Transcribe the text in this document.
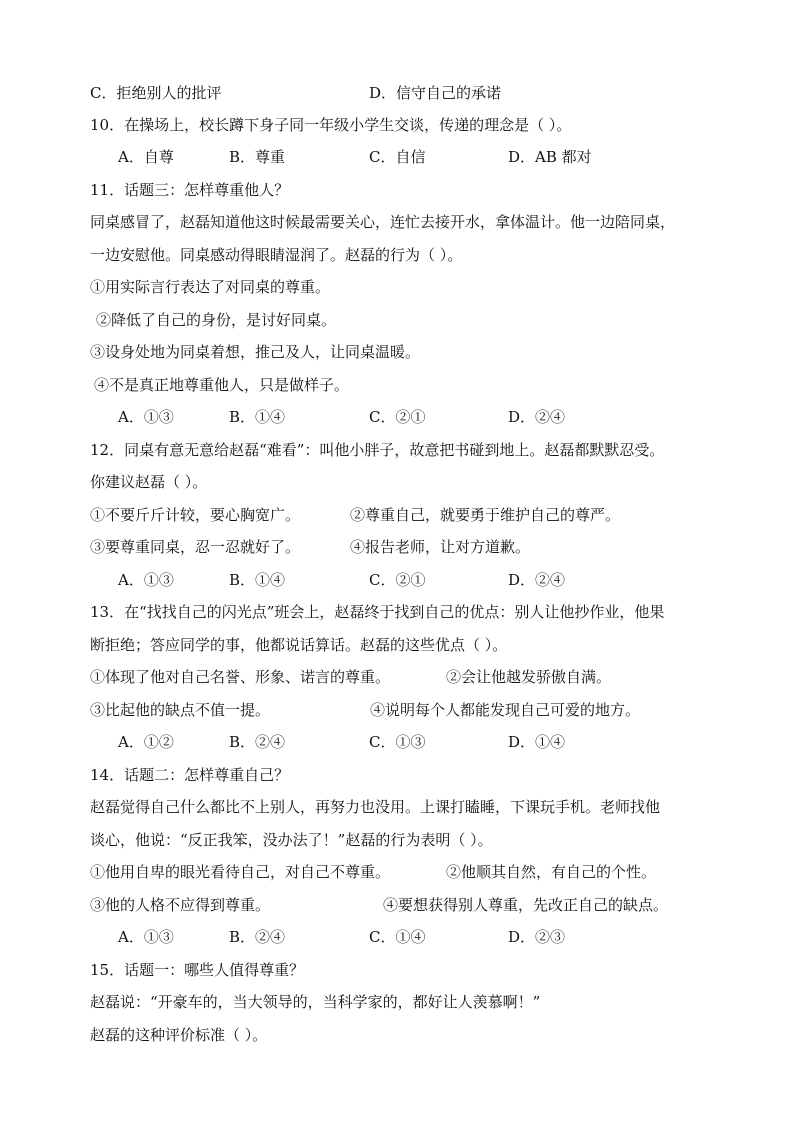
C．拒绝别人的批评	D．信守自己的承诺
10．在操场上，校长蹲下身子同一年级小学生交谈，传递的理念是（ ）。
A．自尊	B．尊重	C．自信	D．AB 都对
11．话题三：怎样尊重他人？
同桌感冒了，赵磊知道他这时候最需要关心，连忙去接开水，拿体温计。他一边陪同桌，
一边安慰他。同桌感动得眼睛湿润了。赵磊的行为（ ）。
①用实际言行表达了对同桌的尊重。
②降低了自己的身份，是讨好同桌。
③设身处地为同桌着想，推己及人，让同桌温暖。
④不是真正地尊重他人，只是做样子。
A．①③	B．①④	C．②①	D．②④
12．同桌有意无意给赵磊“难看”：叫他小胖子，故意把书碰到地上。赵磊都默默忍受。
你建议赵磊（ ）。
①不要斤斤计较，要心胸宽广。	②尊重自己，就要勇于维护自己的尊严。
③要尊重同桌，忍一忍就好了。	④报告老师，让对方道歉。
A．①③	B．①④	C．②①	D．②④
13．在“找找自己的闪光点”班会上，赵磊终于找到自己的优点：别人让他抄作业，他果
断拒绝；答应同学的事，他都说话算话。赵磊的这些优点（ ）。
①体现了他对自己名誉、形象、诺言的尊重。	②会让他越发骄傲自满。
③比起他的缺点不值一提。	④说明每个人都能发现自己可爱的地方。
A．①②	B．②④	C．①③	D．①④
14．话题二：怎样尊重自己？
赵磊觉得自己什么都比不上别人，再努力也没用。上课打瞌睡，下课玩手机。老师找他
谈心，他说：“反正我笨，没办法了！”赵磊的行为表明（ ）。
①他用自卑的眼光看待自己，对自己不尊重。	②他顺其自然，有自己的个性。
③他的人格不应得到尊重。	④要想获得别人尊重，先改正自己的缺点。
A．①③	B．②④	C．①④	D．②③
15．话题一：哪些人值得尊重？
赵磊说：“开豪车的，当大领导的，当科学家的，都好让人羡慕啊！”
赵磊的这种评价标准（ ）。
